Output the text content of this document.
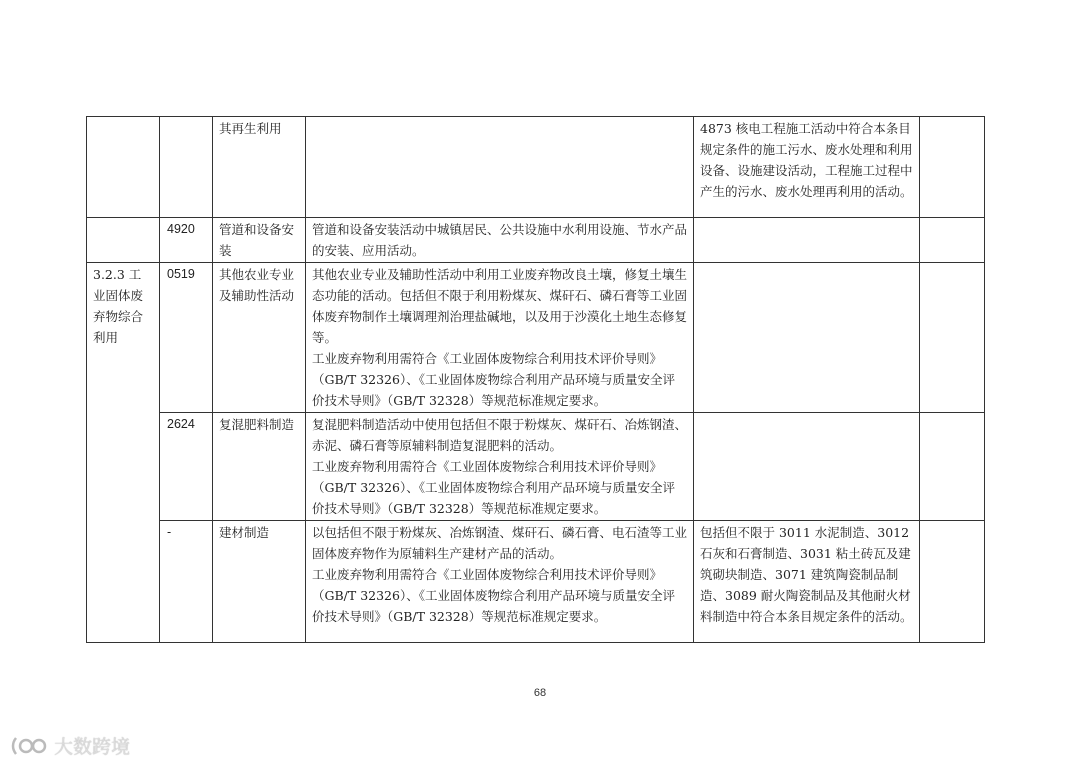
		其再生利用		4873 核电工程施工活动中符合本条目规定条件的施工污水、废水处理和利用设备、设施建设活动，工程施工过程中产生的污水、废水处理再利用的活动。	
	4920	管道和设备安装	管道和设备安装活动中城镇居民、公共设施中水利用设施、节水产品的安装、应用活动。		

3.2.3 工业固体废弃物综合利用	0519	其他农业专业及辅助性活动	其他农业专业及辅助性活动中利用工业废弃物改良土壤，修复土壤生态功能的活动。包括但不限于利用粉煤灰、煤矸石、磷石膏等工业固体废弃物制作土壤调理剂治理盐碱地，以及用于沙漠化土地生态修复等。

工业废弃物利用需符合《工业固体废物综合利用技术评价导则》（GB/T 32326）、《工业固体废物综合利用产品环境与质量安全评价技术导则》（GB/T 32328）等规范标准规定要求。		

	2624	复混肥料制造	复混肥料制造活动中使用包括但不限于粉煤灰、煤矸石、冶炼钢渣、赤泥、磷石膏等原辅料制造复混肥料的活动。

工业废弃物利用需符合《工业固体废物综合利用技术评价导则》（GB/T 32326）、《工业固体废物综合利用产品环境与质量安全评价技术导则》（GB/T 32328）等规范标准规定要求。		

	-	建材制造	以包括但不限于粉煤灰、冶炼钢渣、煤矸石、磷石膏、电石渣等工业固体废弃物作为原辅料生产建材产品的活动。

工业废弃物利用需符合《工业固体废物综合利用技术评价导则》（GB/T 32326）、《工业固体废物综合利用产品环境与质量安全评价技术导则》（GB/T 32328）等规范标准规定要求。	包括但不限于 3011 水泥制造、3012 石灰和石膏制造、3031 粘土砖瓦及建筑砌块制造、3071 建筑陶瓷制品制造、3089 耐火陶瓷制品及其他耐火材料制造中符合本条目规定条件的活动。	
68
大数跨境
